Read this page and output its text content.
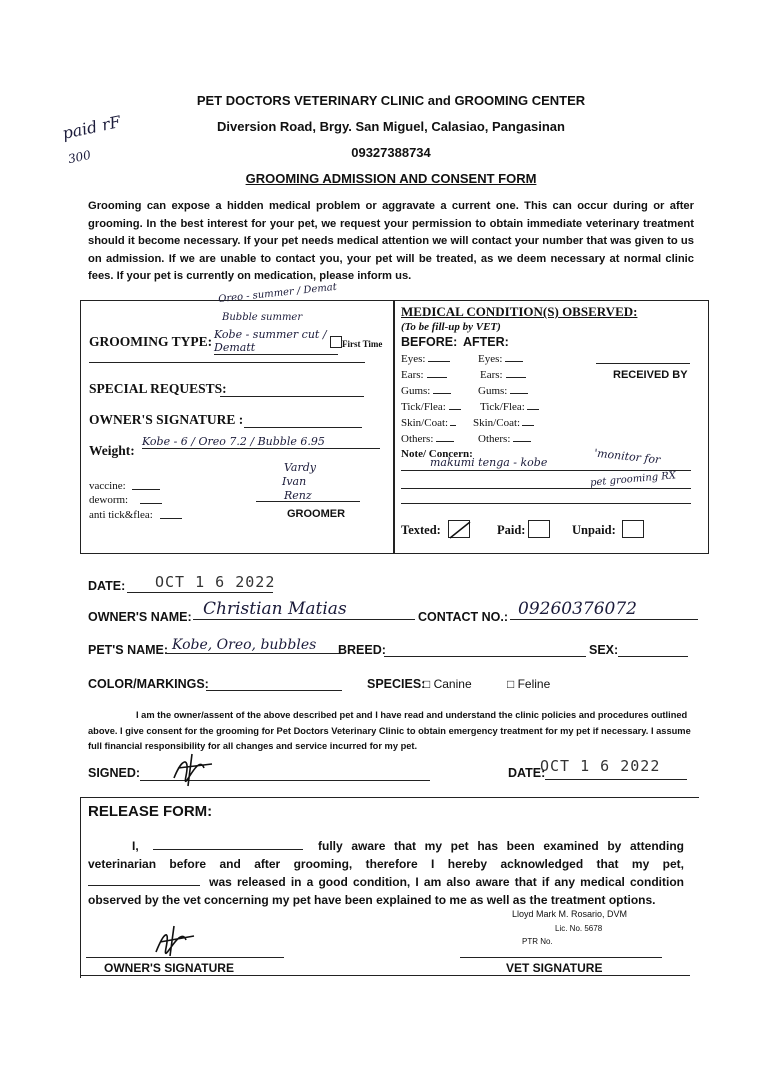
paid rF
300
PET DOCTORS VETERINARY CLINIC and GROOMING CENTER
Diversion Road, Brgy. San Miguel, Calasiao, Pangasinan
09327388734
GROOMING ADMISSION AND CONSENT FORM
Grooming can expose a hidden medical problem or aggravate a current one. This can occur during or after grooming. In the best interest for your pet, we request your permission to obtain immediate veterinary treatment should it become necessary. If your pet needs medical attention we will contact your number that was given to us on admission. If we are unable to contact you, your pet will be treated, as we deem necessary at normal clinic fees. If your pet is currently on medication, please inform us.
Oreo - summer / Demat
Bubble summer
GROOMING TYPE: Kobe - summer cut / Dematt	First Time
SPECIAL REQUESTS:
OWNER'S SIGNATURE :
Weight:
Kobe - 6 / Oreo 7.2 / Bubble 6.95
vaccine:
deworm:
anti tick&flea:
Vardy
Ivan
Renz
GROOMER
MEDICAL CONDITION(S) OBSERVED:
(To be fill-up by VET)
BEFORE: AFTER:
Eyes:	Eyes:
Ears:	Ears:
Gums:	Gums:
Tick/Flea:	Tick/Flea:
Skin/Coat:	Skin/Coat:
Others:	Others:
RECEIVED BY
Note/ Concern:
makumi tenga - kobe	'monitor for
pet grooming RX
Texted:	Paid:	Unpaid:
DATE: OCT 1 6 2022
OWNER'S NAME: Christian Matias	CONTACT NO.: 09260376072
PET'S NAME: Kobe, Oreo, bubbles	BREED:	SEX:
COLOR/MARKINGS:	SPECIES:
□ Canine	□ Feline
I am the owner/assent of the above described pet and I have read and understand the clinic policies and procedures outlined above. I give consent for the grooming for Pet Doctors Veterinary Clinic to obtain emergency treatment for my pet if necessary. I assume full financial responsibility for all changes and service incurred for my pet.
SIGNED:	DATE:
OCT 1 6 2022
RELEASE FORM:
I,	fully aware that my pet has been examined by attending veterinarian before and after grooming, therefore I hereby acknowledged that my pet,  was released in a good condition, I am also aware that if any medical condition observed by the vet concerning my pet have been explained to me as well as the treatment options.
OWNER'S SIGNATURE
Lloyd Mark M. Rosario, DVM
Lic. No. 5678
PTR No.
VET SIGNATURE
